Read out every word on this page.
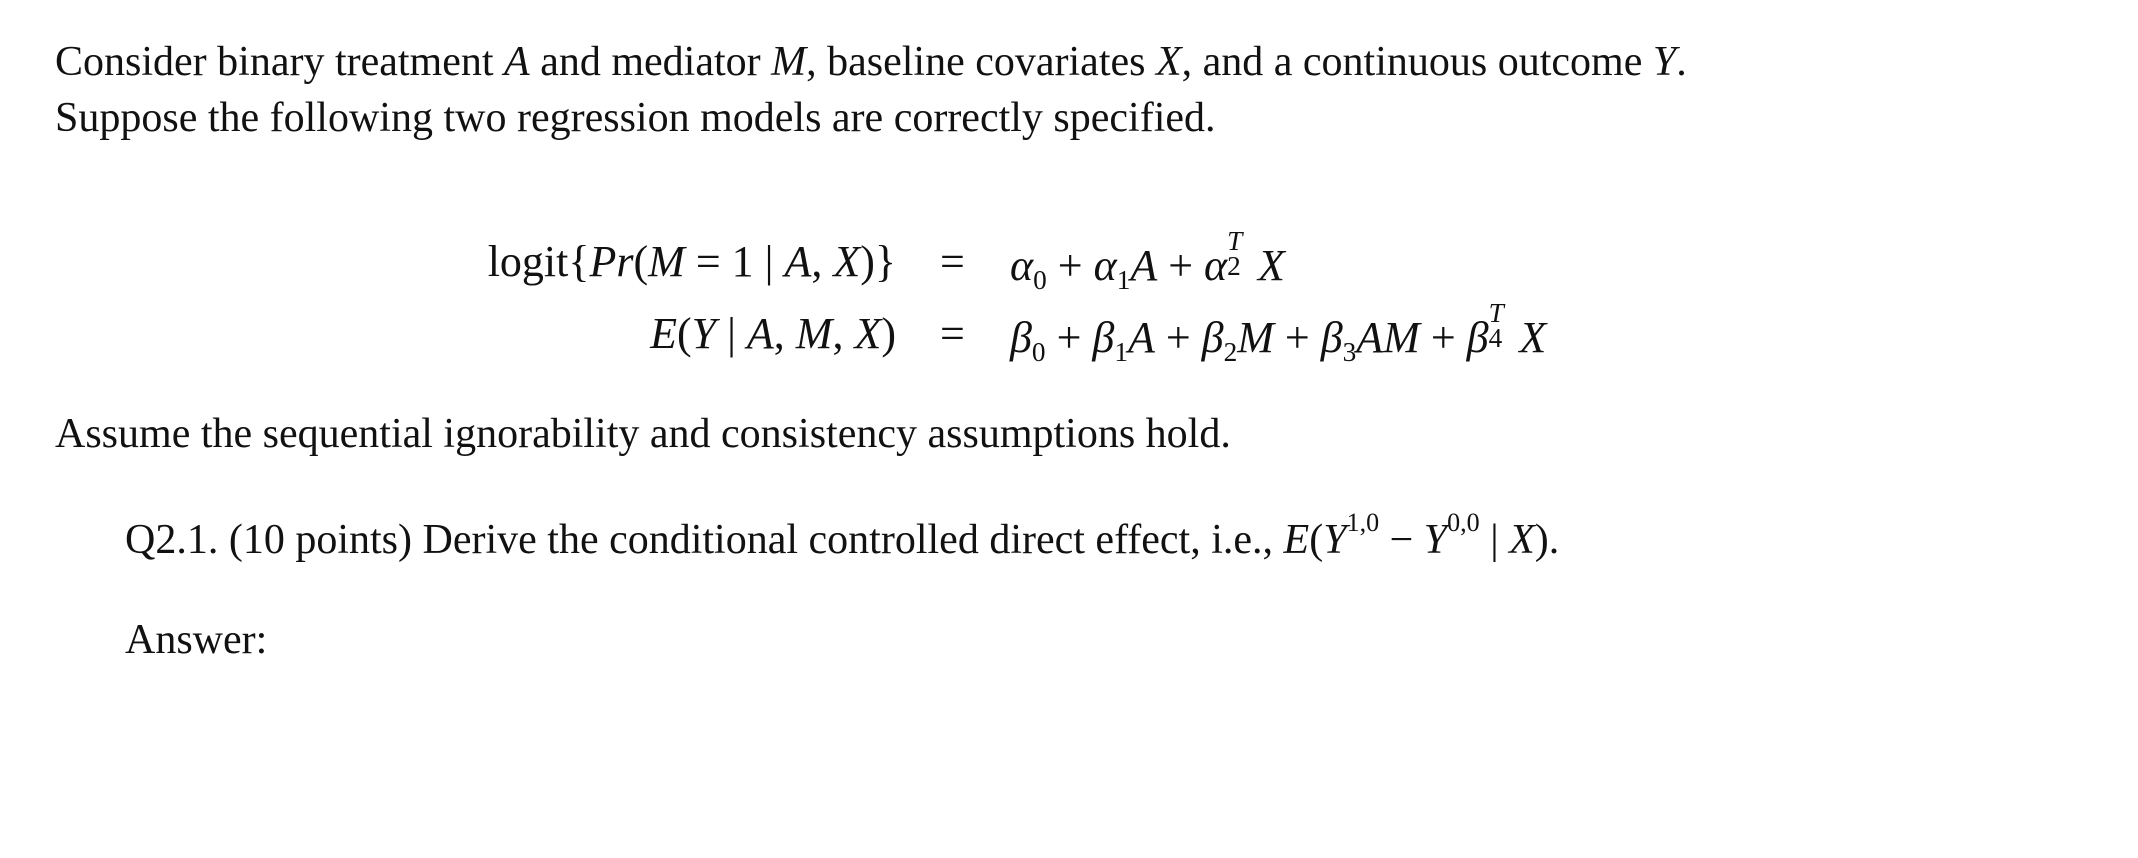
Consider binary treatment A and mediator M, baseline covariates X, and a continuous outcome Y.
Suppose the following two regression models are correctly specified.
logit{Pr(M = 1 | A, X)} = α0 + α1A + α T
2 X
E(Y | A, M, X) = β0 + β1A + β2M + β3AM + β T
4 X
Assume the sequential ignorability and consistency assumptions hold.
Q2.1. (10 points) Derive the conditional controlled direct effect, i.e., E(Y1,0 − Y0,0 | X).
Answer:
